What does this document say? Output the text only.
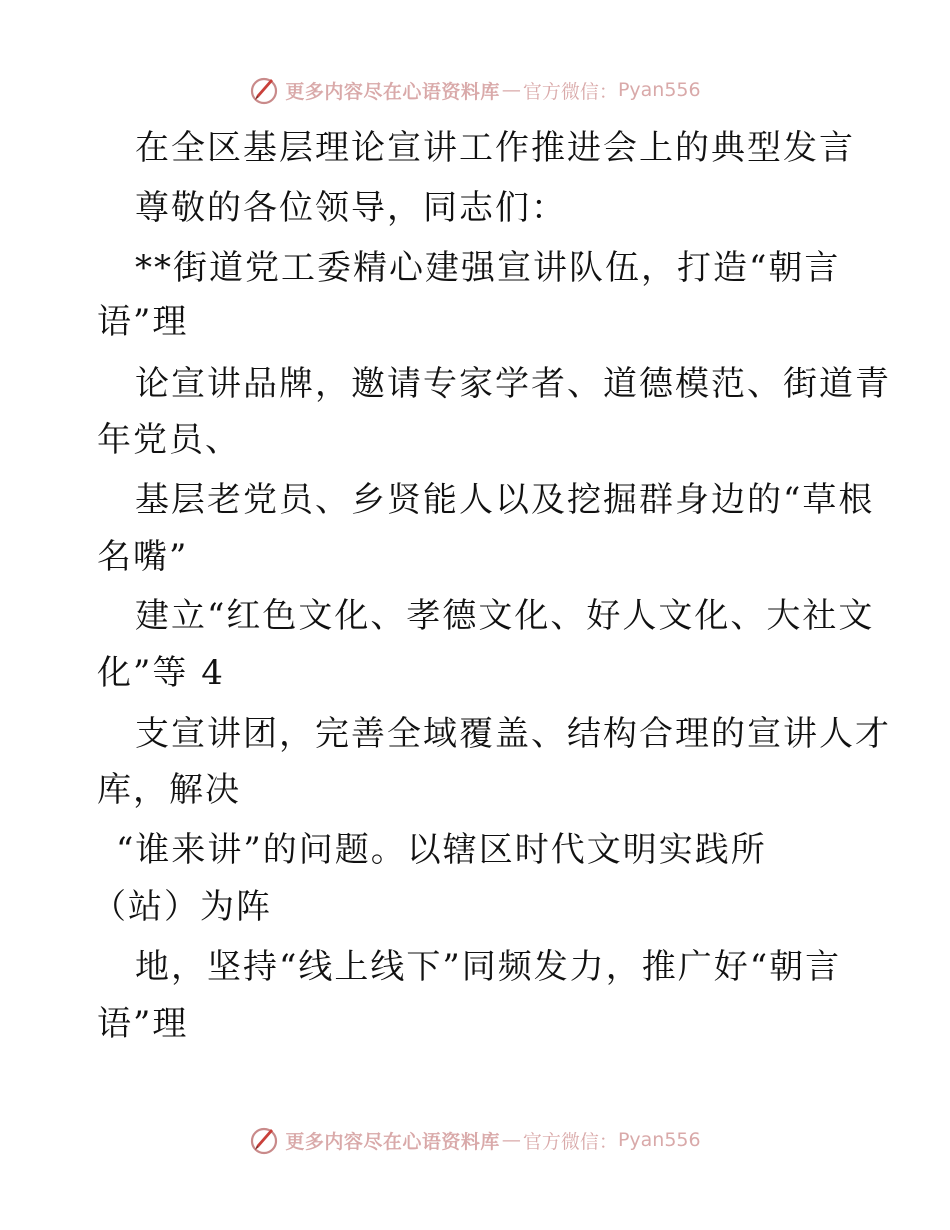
更多内容尽在心语资料库 — 官方微信： Pyan556
在全区基层理论宣讲工作推进会上的典型发言
尊敬的各位领导，同志们：
**街道党工委精心建强宣讲队伍，打造“朝言
语”理
论宣讲品牌，邀请专家学者、道德模范、街道青
年党员、
基层老党员、乡贤能人以及挖掘群身边的“草根
名嘴”
建立“红色文化、孝德文化、好人文化、大社文
化”等 4
支宣讲团，完善全域覆盖、结构合理的宣讲人才
库，解决
“谁来讲”的问题。以辖区时代文明实践所
（站）为阵
地，坚持“线上线下”同频发力，推广好“朝言
语”理
更多内容尽在心语资料库 — 官方微信： Pyan556
